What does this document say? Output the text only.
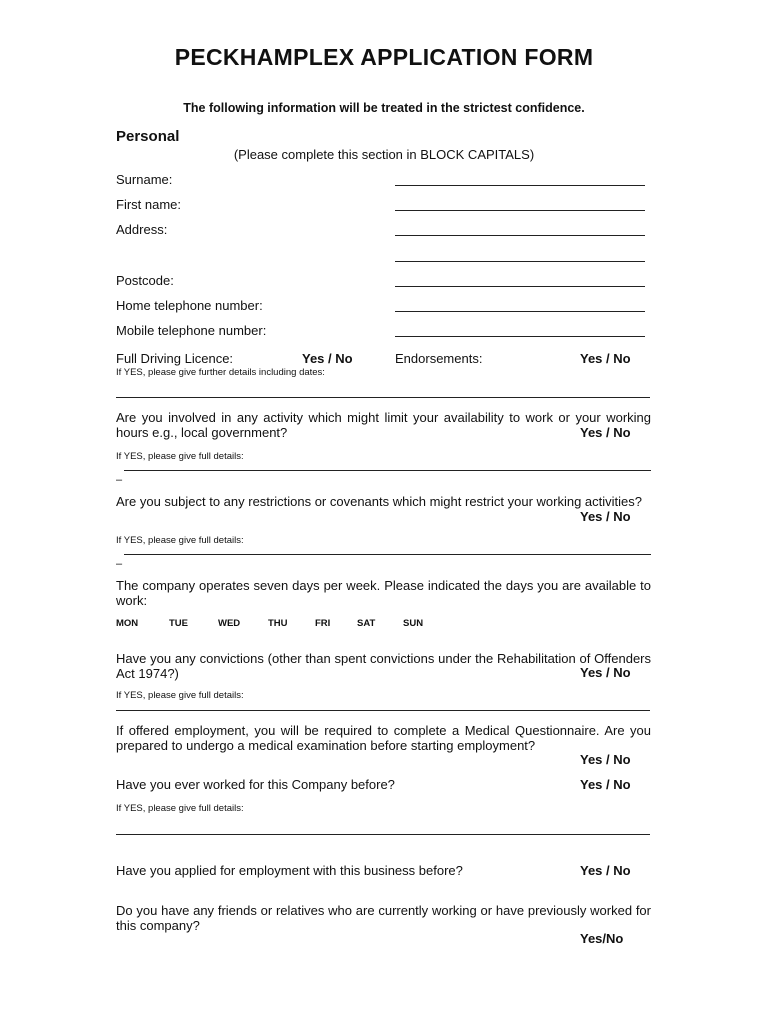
PECKHAMPLEX APPLICATION FORM
The following information will be treated in the strictest confidence.
Personal
(Please complete this section in BLOCK CAPITALS)
Surname:
First name:
Address:
Postcode:
Home telephone number:
Mobile telephone number:
Full Driving Licence:	Yes / No	Endorsements:	Yes / No
If YES, please give further details including dates:
Are you involved in any activity which might limit your availability to work or your working hours e.g., local government?	Yes / No
If YES, please give full details:
–
Are you subject to any restrictions or covenants which might restrict your working activities?
Yes / No
If YES, please give full details:
–
The company operates seven days per week. Please indicated the days you are available to work:
MON	TUE	WED	THU	FRI	SAT	SUN
Have you any convictions (other than spent convictions under the Rehabilitation of Offenders Act 1974?)	Yes / No
If YES, please give full details:
If offered employment, you will be required to complete a Medical Questionnaire. Are you prepared to undergo a medical examination before starting employment?
Yes / No
Have you ever worked for this Company before?	Yes / No
If YES, please give full details:
Have you applied for employment with this business before?	Yes / No
Do you have any friends or relatives who are currently working or have previously worked for this company?
Yes/No
